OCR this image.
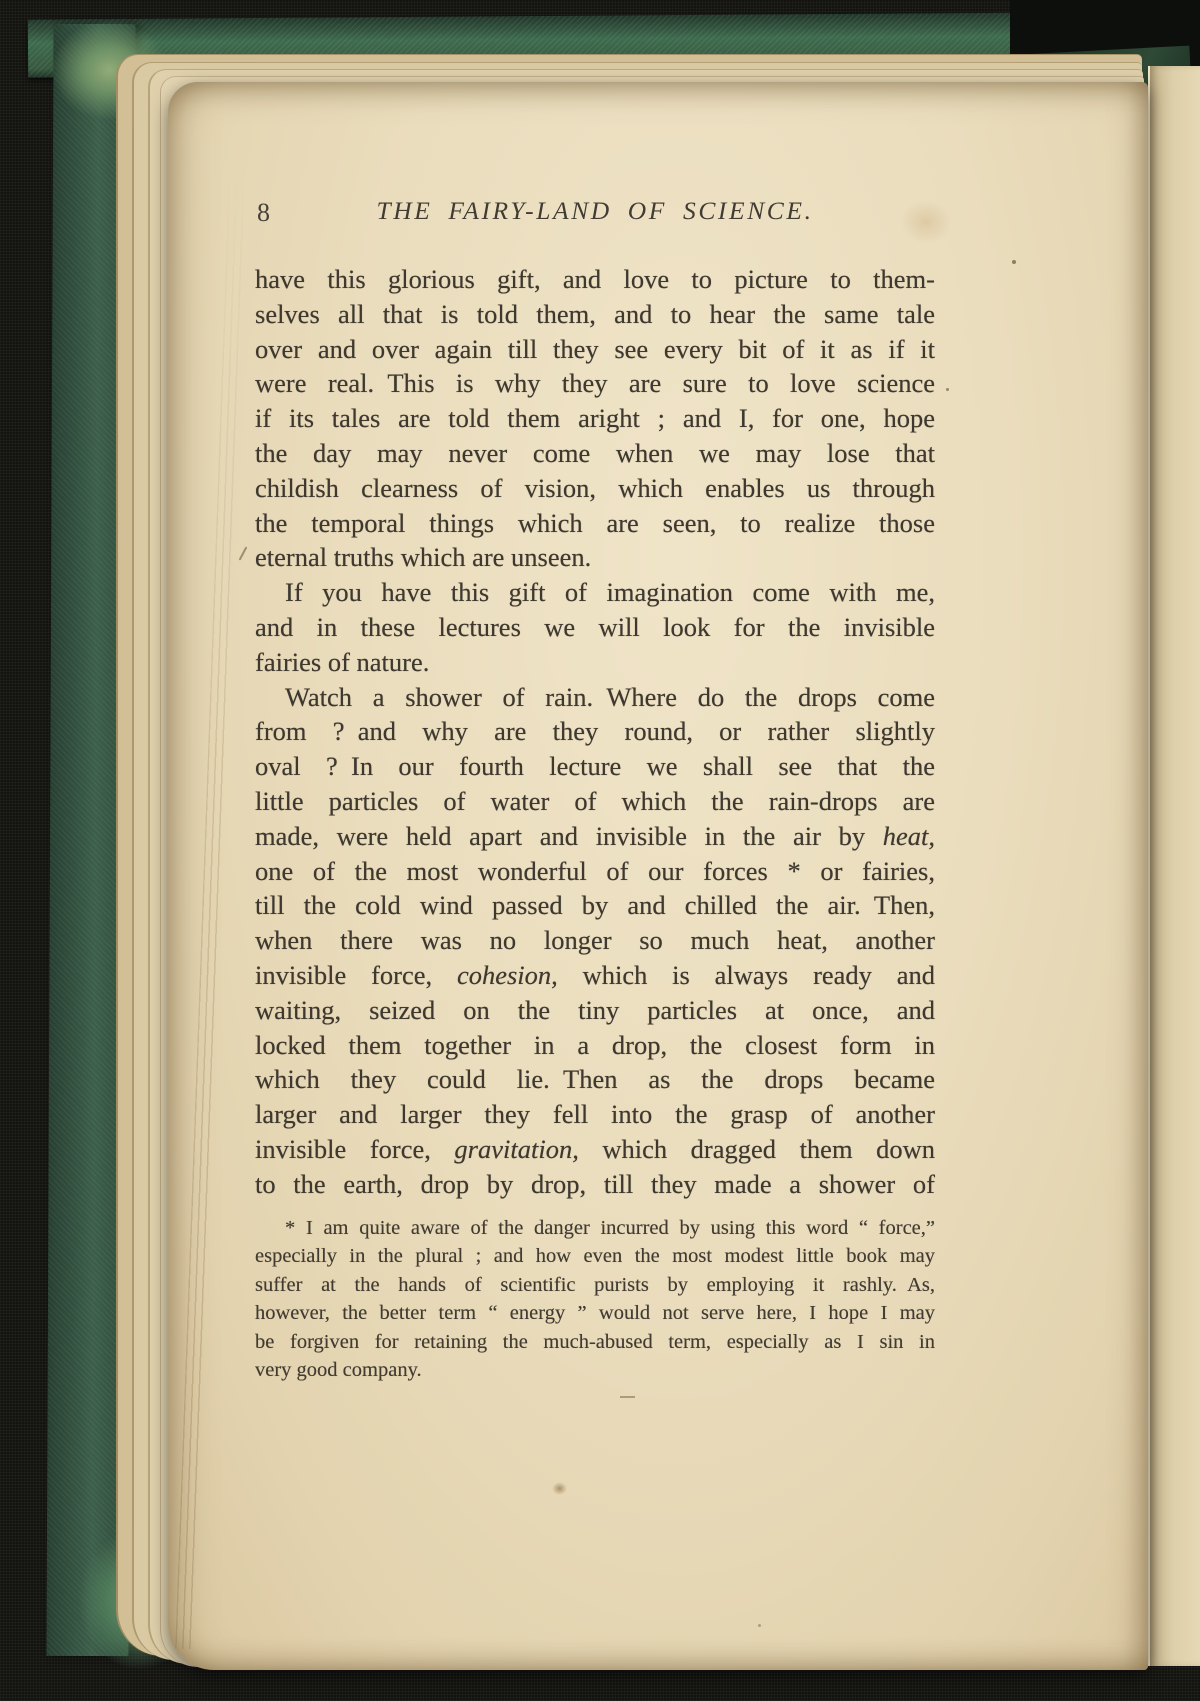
8	THE FAIRY-LAND OF SCIENCE.
have this glorious gift, and love to picture to them-
selves all that is told them, and to hear the same tale
over and over again till they see every bit of it as if it
were real. This is why they are sure to love science
if its tales are told them aright ; and I, for one, hope
the day may never come when we may lose that
childish clearness of vision, which enables us through
the temporal things which are seen, to realize those
eternal truths which are unseen.
If you have this gift of imagination come with me,
and in these lectures we will look for the invisible
fairies of nature.
Watch a shower of rain. Where do the drops come
from ? and why are they round, or rather slightly
oval ? In our fourth lecture we shall see that the
little particles of water of which the rain-drops are
made, were held apart and invisible in the air by heat,
one of the most wonderful of our forces * or fairies,
till the cold wind passed by and chilled the air. Then,
when there was no longer so much heat, another
invisible force, cohesion, which is always ready and
waiting, seized on the tiny particles at once, and
locked them together in a drop, the closest form in
which they could lie. Then as the drops became
larger and larger they fell into the grasp of another
invisible force, gravitation, which dragged them down
to the earth, drop by drop, till they made a shower of
* I am quite aware of the danger incurred by using this word “ force,”
especially in the plural ; and how even the most modest little book may
suffer at the hands of scientific purists by employing it rashly. As,
however, the better term “ energy ” would not serve here, I hope I may
be forgiven for retaining the much-abused term, especially as I sin in
very good company.
